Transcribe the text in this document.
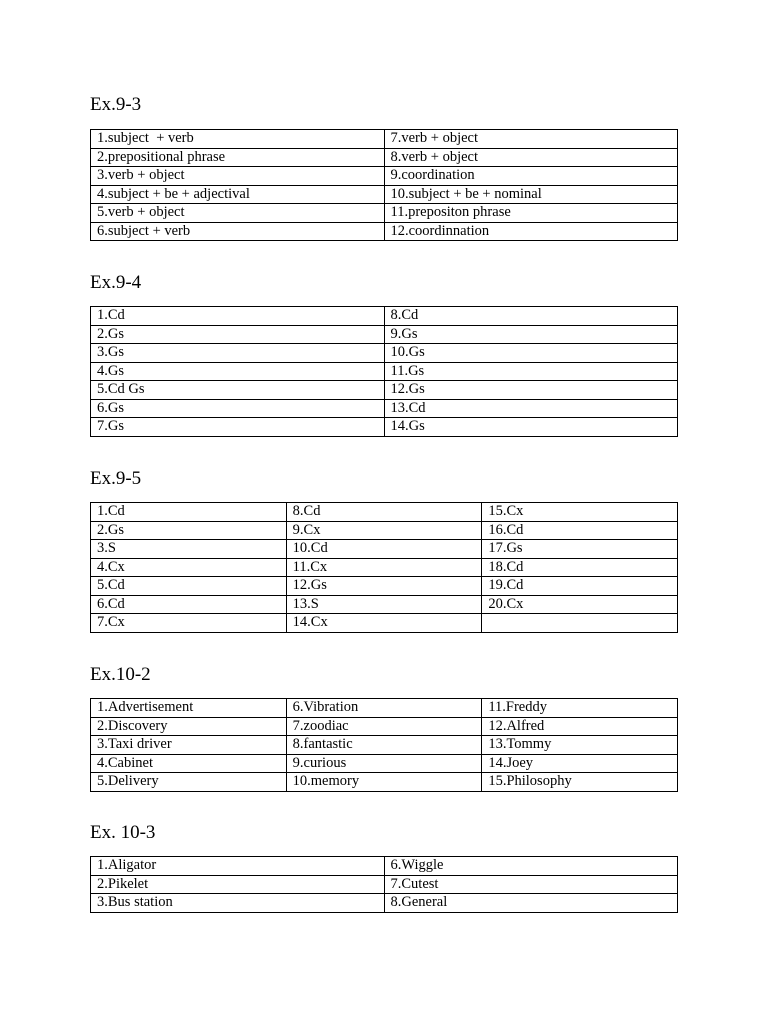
Ex.9-3
1.subject  + verb	7.verb + object
2.prepositional phrase	8.verb + object
3.verb + object	9.coordination
4.subject + be + adjectival	10.subject + be + nominal
5.verb + object	11.prepositon phrase
6.subject + verb	12.coordinnation
Ex.9-4
1.Cd	8.Cd
2.Gs	9.Gs
3.Gs	10.Gs
4.Gs	11.Gs
5.Cd Gs	12.Gs
6.Gs	13.Cd
7.Gs	14.Gs
Ex.9-5
1.Cd	8.Cd	15.Cx
2.Gs	9.Cx	16.Cd
3.S	10.Cd	17.Gs
4.Cx	11.Cx	18.Cd
5.Cd	12.Gs	19.Cd
6.Cd	13.S	20.Cx
7.Cx	14.Cx	
Ex.10-2
1.Advertisement	6.Vibration	11.Freddy
2.Discovery	7.zoodiac	12.Alfred
3.Taxi driver	8.fantastic	13.Tommy
4.Cabinet	9.curious	14.Joey
5.Delivery	10.memory	15.Philosophy
Ex. 10-3
1.Aligator	6.Wiggle
2.Pikelet	7.Cutest
3.Bus station	8.General
